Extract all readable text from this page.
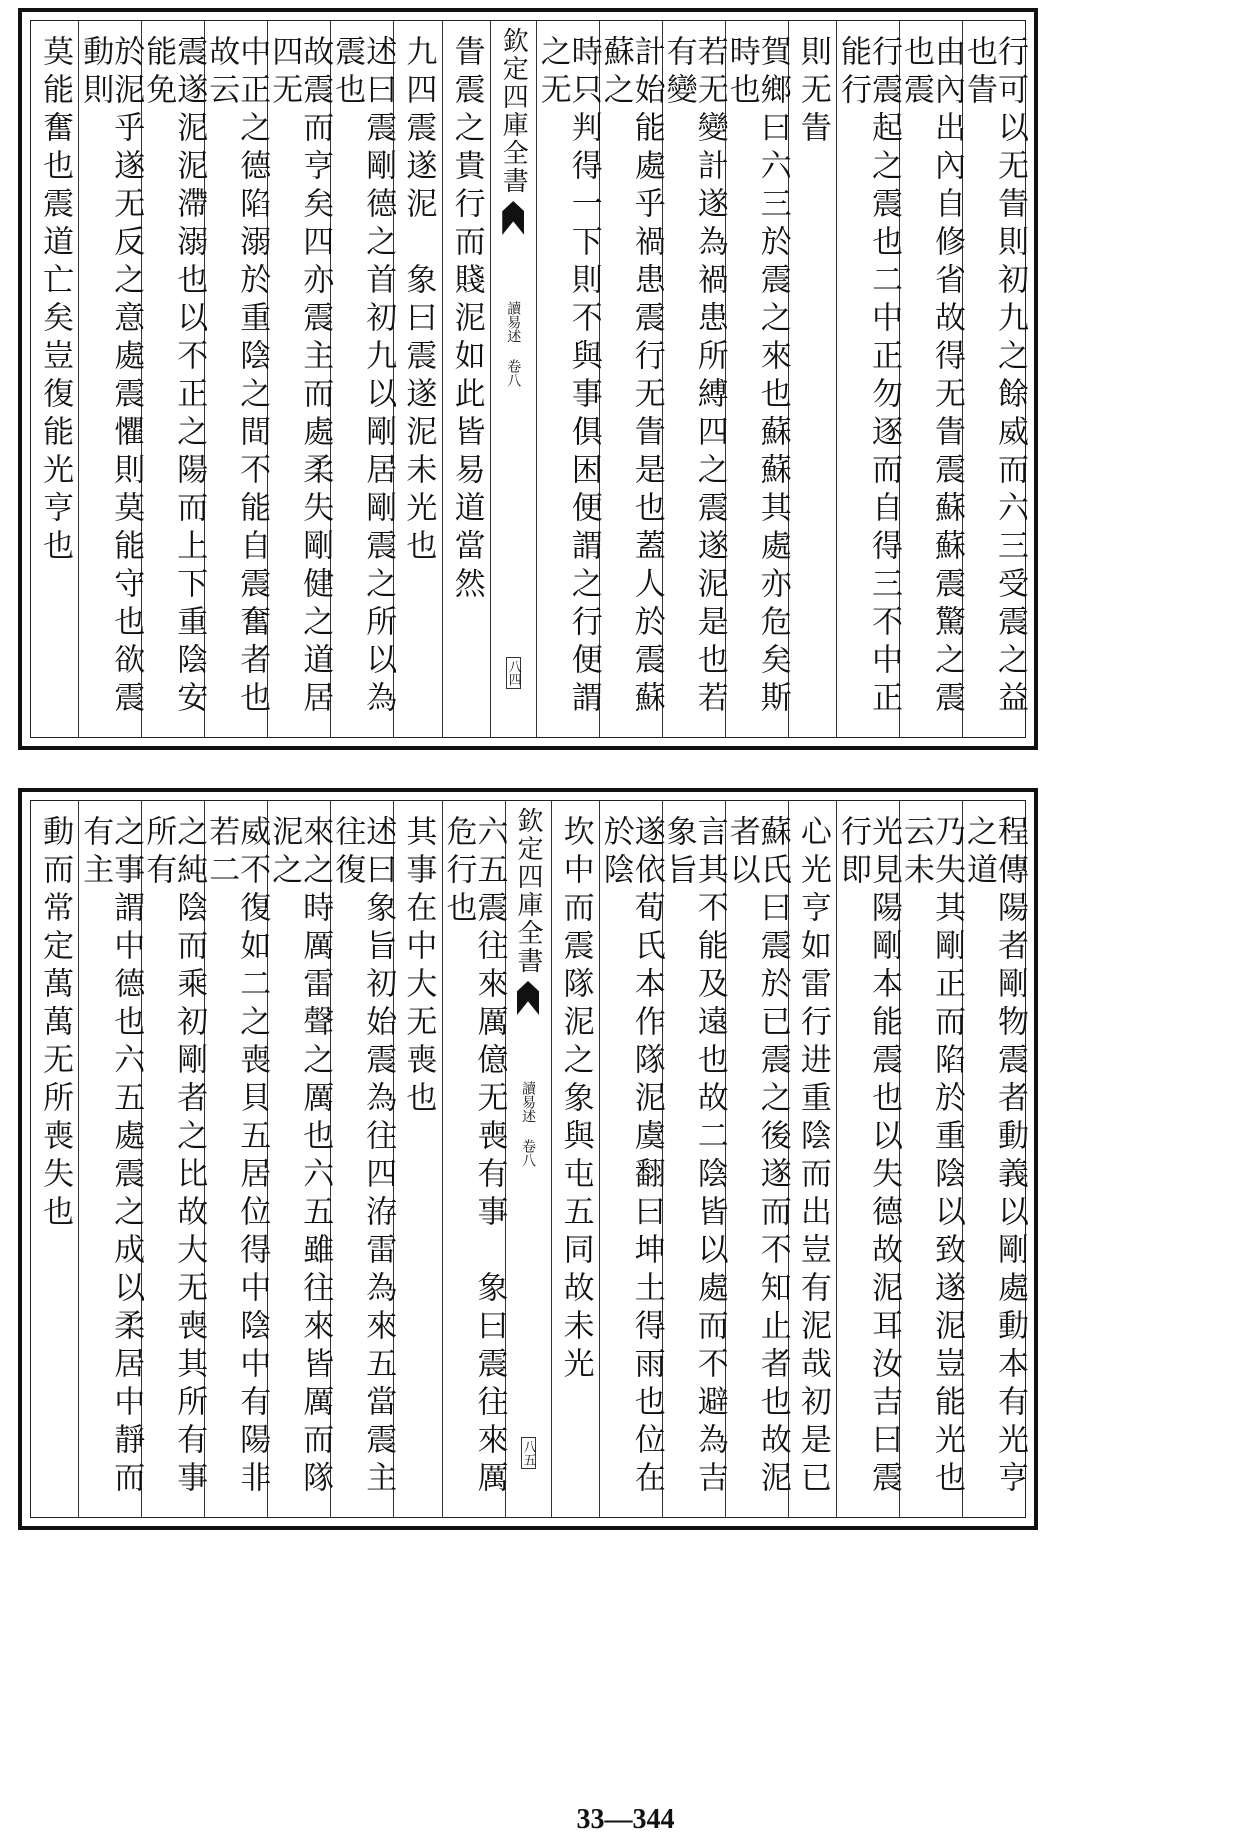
行可以无眚則初九之餘威而六三受震之益也眚
由內出內自修省故得无眚震蘇蘇震驚之震也震
行震起之震也二中正勿逐而自得三不中正能行
則无眚
賀鄉曰六三於震之來也蘇蘇其處亦危矣斯時也
若无變計遂為禍患所縛四之震遂泥是也若有變
計始能處乎禍患震行无眚是也蓋人於震蘇蘇之
時只判得一下則不與事俱困便謂之行便謂之无
欽定四庫全書
讀易述 卷八
八四
眚震之貴行而賤泥如此皆易道當然
九四震遂泥　象曰震遂泥未光也
述曰震剛德之首初九以剛居剛震之所以為震也
故震而亨矣四亦震主而處柔失剛健之道居四无
中正之德陷溺於重陰之間不能自震奮者也故云
震遂泥泥滯溺也以不正之陽而上下重陰安能免
於泥乎遂无反之意處震懼則莫能守也欲震動則
莫能奮也震道亡矣豈復能光亨也
程傳陽者剛物震者動義以剛處動本有光亨之道
乃失其剛正而陷於重陰以致遂泥豈能光也云未
光見陽剛本能震也以失德故泥耳汝吉曰震行即
心光亨如雷行进重陰而出豈有泥哉初是已
蘇氏曰震於已震之後遂而不知止者也故泥者以
言其不能及遠也故二陰皆以處而不避為吉象旨
遂依荀氏本作隊泥虞翻曰坤土得雨也位在於陰
坎中而震隊泥之象與屯五同故未光
欽定四庫全書
讀易述 卷八
八五
六五震往來厲億无喪有事　象曰震往來厲危行也
其事在中大无喪也
述曰象旨初始震為往四洊雷為來五當震主往復
來之時厲雷聲之厲也六五雖往來皆厲而隊泥之
威不復如二之喪貝五居位得中陰中有陽非若二
之純陰而乘初剛者之比故大无喪其所有事所有
之事謂中德也六五處震之成以柔居中靜而有主
動而常定萬萬无所喪失也
33—344
